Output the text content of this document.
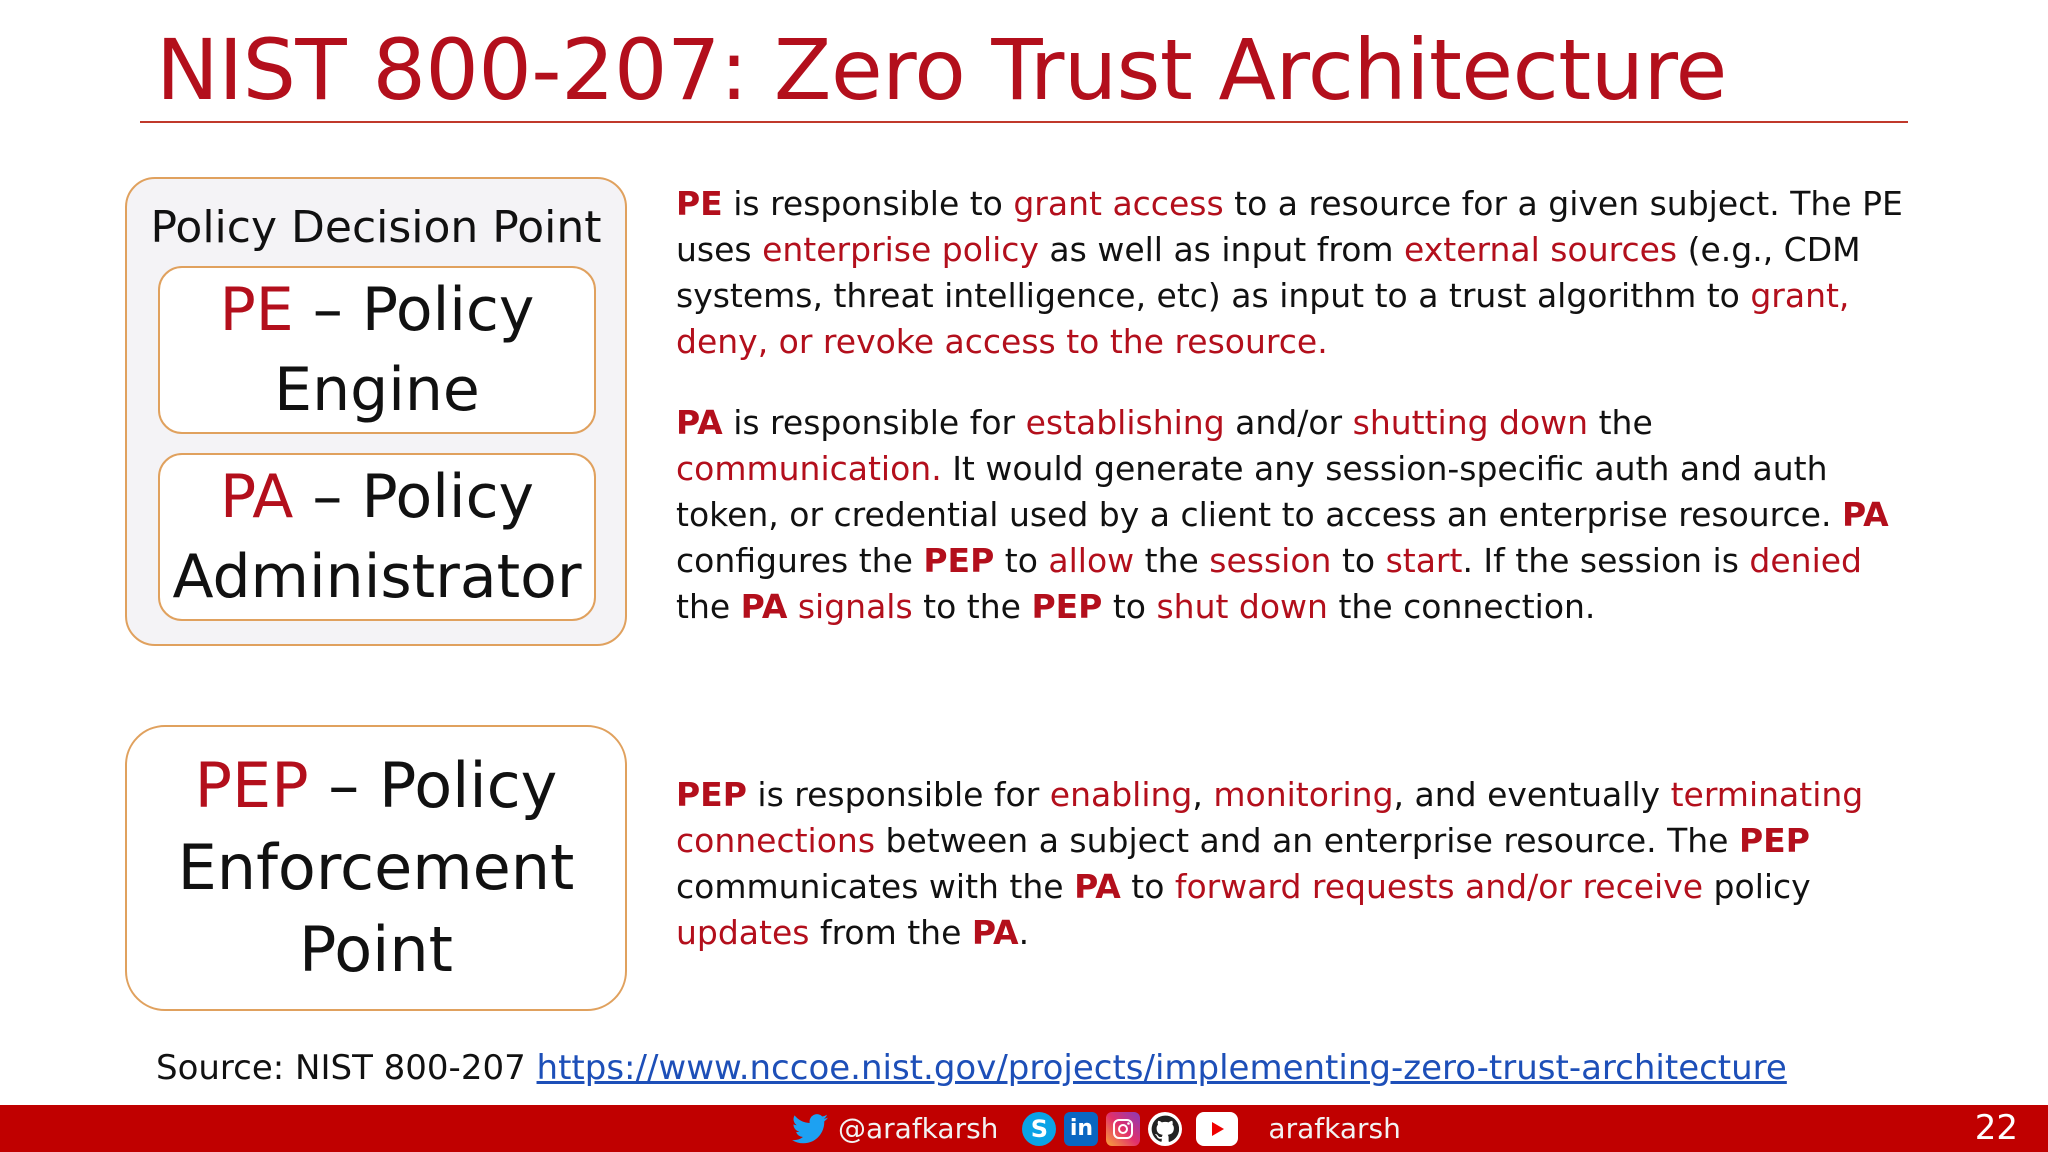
NIST 800-207: Zero Trust Architecture
Policy Decision Point
PE – Policy
Engine
PA – Policy
Administrator
PEP – Policy
Enforcement
Point

PE is responsible to grant access to a resource for a given subject. The PE uses enterprise policy as well as input from external sources (e.g., CDM systems, threat intelligence, etc) as input to a trust algorithm to grant, deny, or revoke access to the resource.

PA is responsible for establishing and/or shutting down the communication. It would generate any session-specific auth and auth token, or credential used by a client to access an enterprise resource. PA configures the PEP to allow the session to start. If the session is denied the PA signals to the PEP to shut down the connection.

PEP is responsible for enabling, monitoring, and eventually terminating connections between a subject and an enterprise resource. The PEP communicates with the PA to forward requests and/or receive policy updates from the PA.

Source: NIST 800-207 https://www.nccoe.nist.gov/projects/implementing-zero-trust-architecture
@arafkarsh	S in	arafkarsh	22
